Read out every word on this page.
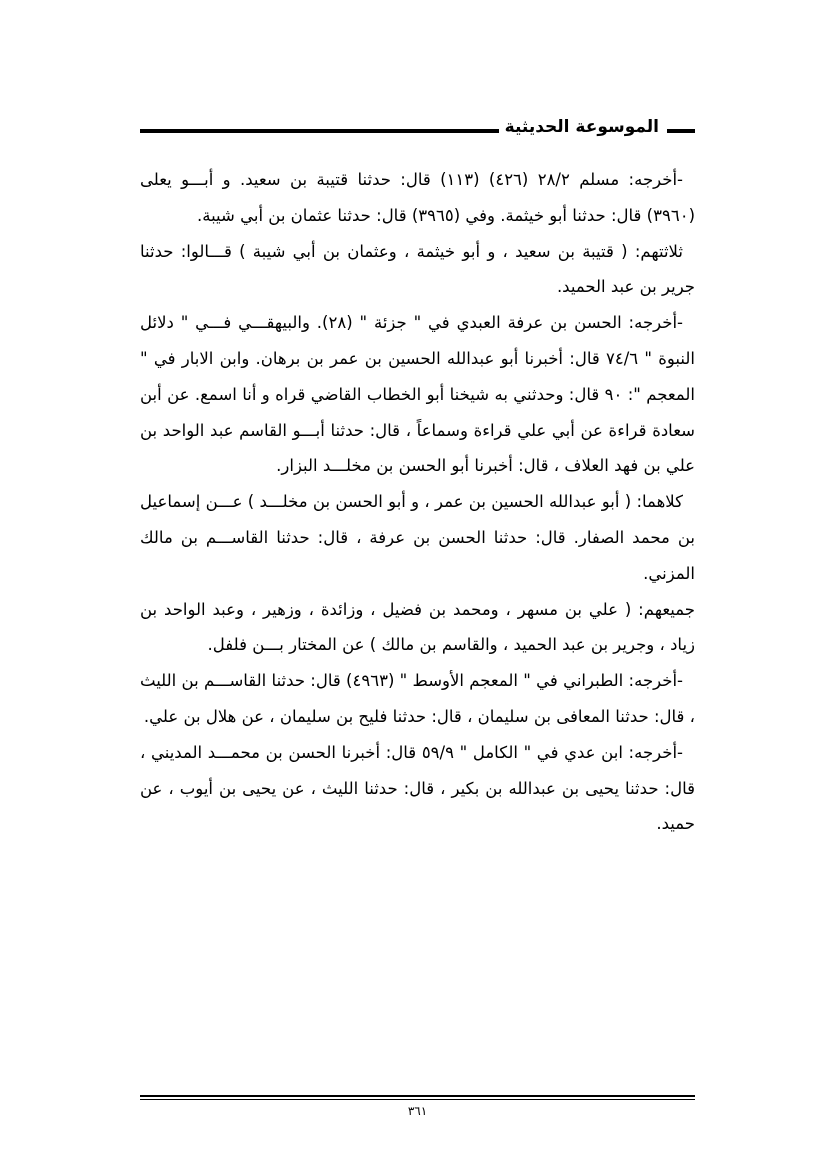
الموسوعة الحديثية

-أخرجه: مسلم ٢٨/٢ (٤٢٦) (١١٣) قال: حدثنا قتيبة بن سعيد. و أبـــو يعلى (٣٩٦٠) قال: حدثنا أبو خيثمة. وفي (٣٩٦٥) قال: حدثنا عثمان بن أبي شيبة.

ثلاثتهم: ( قتيبة بن سعيد ، و أبو خيثمة ، وعثمان بن أبي شيبة ) قـــالوا: حدثنا جرير بن عبد الحميد.

-أخرجه: الحسن بن عرفة العبدي في " جزئة " (٢٨). والبيهقـــي فـــي " دلائل النبوة " ٧٤/٦ قال: أخبرنا أبو عبدالله الحسين بن عمر بن برهان. وابن الابار في " المعجم ": ٩٠ قال: وحدثني به شيخنا أبو الخطاب القاضي قراه و أنا اسمع. عن أبن سعادة قراءة عن أبي علي قراءة وسماعاً ، قال: حدثنا أبـــو القاسم عبد الواحد بن علي بن فهد العلاف ، قال: أخبرنا أبو الحسن بن مخلـــد البزار.

كلاهما: ( أبو عبدالله الحسين بن عمر ، و أبو الحسن بن مخلـــد ) عـــن إسماعيل بن محمد الصفار. قال: حدثنا الحسن بن عرفة ، قال: حدثنا القاســـم بن مالك المزني.

جميعهم: ( علي بن مسهر ، ومحمد بن فضيل ، وزائدة ، وزهير ، وعبد الواحد بن زياد ، وجرير بن عبد الحميد ، والقاسم بن مالك ) عن المختار بـــن فلفل.

-أخرجه: الطبراني في " المعجم الأوسط " (٤٩٦٣) قال: حدثنا القاســـم بن الليث ، قال: حدثنا المعافى بن سليمان ، قال: حدثنا فليح بن سليمان ، عن هلال بن علي.

-أخرجه: ابن عدي في " الكامل " ٥٩/٩ قال: أخبرنا الحسن بن محمـــد المديني ، قال: حدثنا يحيى بن عبدالله بن بكير ، قال: حدثنا الليث ، عن يحيى بن أيوب ، عن حميد.

٣٦١
